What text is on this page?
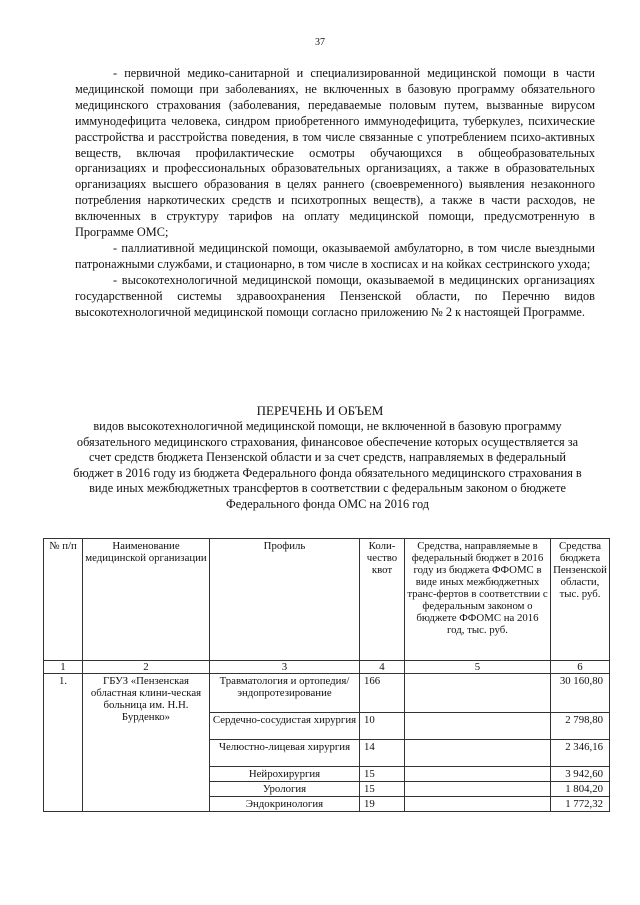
37

- первичной медико-санитарной и специализированной медицинской помощи в части медицинской помощи при заболеваниях, не включенных в базовую программу обязательного медицинского страхования (заболевания, передаваемые половым путем, вызванные вирусом иммунодефицита человека, синдром приобретенного иммунодефицита, туберкулез, психические расстройства и расстройства поведения, в том числе связанные с употреблением психо-активных веществ, включая профилактические осмотры обучающихся в общеобразовательных организациях и профессиональных образовательных организациях, а также в образовательных организациях высшего образования в целях раннего (своевременного) выявления незаконного потребления наркотических средств и психотропных веществ), а также в части расходов, не включенных в структуру тарифов на оплату медицинской помощи, предусмотренную в Программе ОМС;

- паллиативной медицинской помощи, оказываемой амбулаторно, в том числе выездными патронажными службами, и стационарно, в том числе в хосписах и на койках сестринского ухода;

- высокотехнологичной медицинской помощи, оказываемой в медицинских организациях государственной системы здравоохранения Пензенской области, по Перечню видов высокотехнологичной медицинской помощи согласно приложению № 2 к настоящей Программе.

ПЕРЕЧЕНЬ И ОБЪЕМ
видов высокотехнологичной медицинской помощи, не включенной в базовую программу обязательного медицинского страхования, финансовое обеспечение которых осуществляется за счет средств бюджета Пензенской области и за счет средств, направляемых в федеральный бюджет в 2016 году из бюджета Федерального фонда обязательного медицинского страхования в виде иных межбюджетных трансфертов в соответствии с федеральным законом о бюджете Федерального фонда ОМС на 2016 год
№ п/п	Наименование медицинской организации	Профиль	Коли-чество квот	Средства, направляемые в федеральный бюджет в 2016 году из бюджета ФФОМС в виде иных межбюджетных транс-фертов в соответствии с федеральным законом о бюджете ФФОМС на 2016 год, тыс. руб.	Средства бюджета Пензенской области, тыс. руб.
1	2	3	4	5	6
1.	ГБУЗ «Пензенская областная клини-ческая больница им. Н.Н. Бурденко»	Травматология и ортопедия/ эндопротезирование	166		30 160,80
		Сердечно-сосудистая хирургия	10		2 798,80
		Челюстно-лицевая хирургия	14		2 346,16
		Нейрохирургия	15		3 942,60
		Урология	15		1 804,20
		Эндокринология	19		1 772,32
